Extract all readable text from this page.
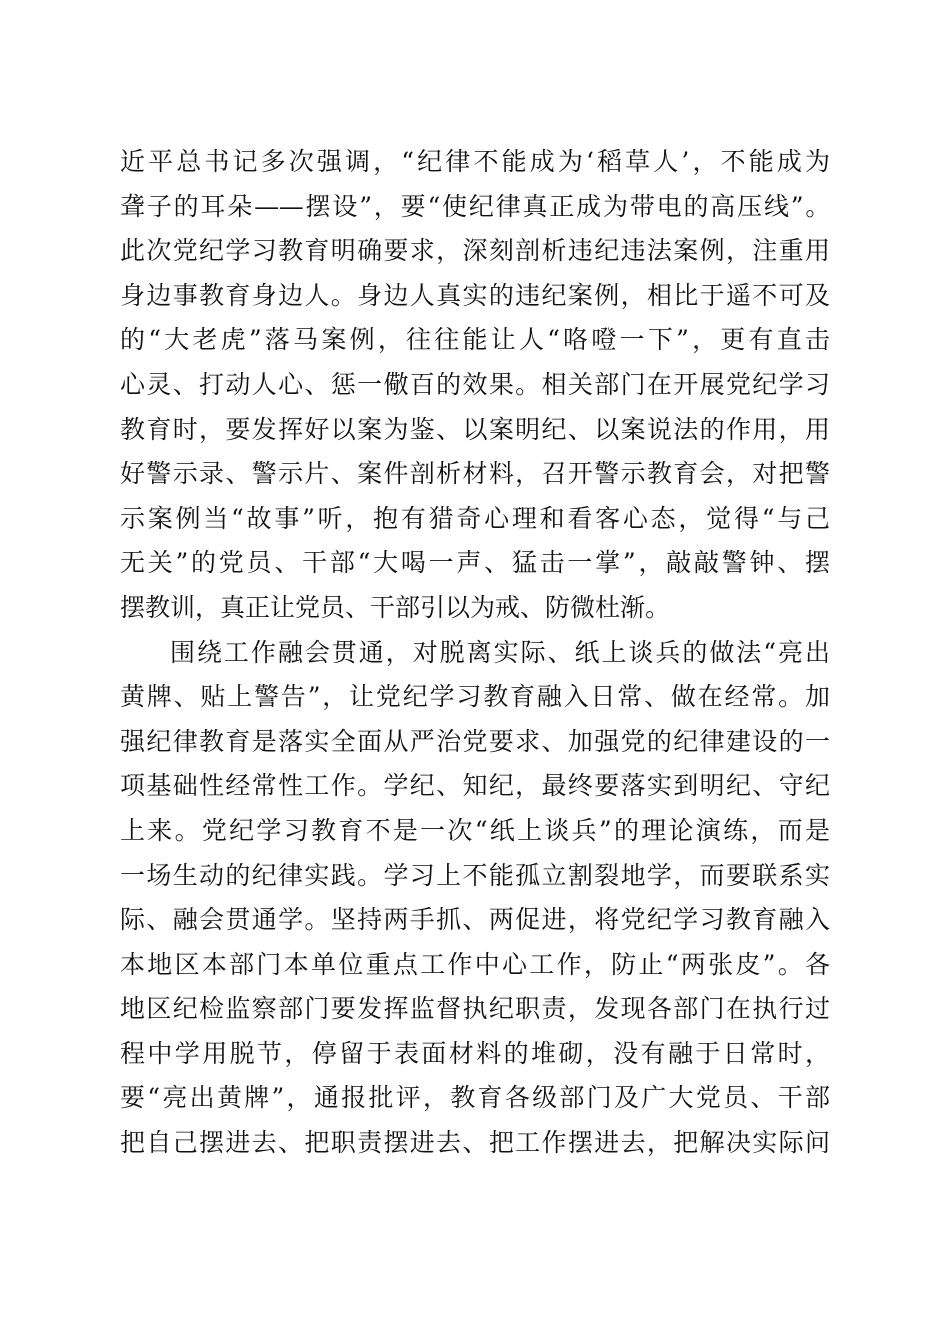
近平总书记多次强调，“纪律不能成为‘稻草人’，不能成为
聋子的耳朵——摆设”，要“使纪律真正成为带电的高压线”。
此次党纪学习教育明确要求，深刻剖析违纪违法案例，注重用
身边事教育身边人。身边人真实的违纪案例，相比于遥不可及
的“大老虎”落马案例，往往能让人“咯噔一下”，更有直击
心灵、打动人心、惩一儆百的效果。相关部门在开展党纪学习
教育时，要发挥好以案为鉴、以案明纪、以案说法的作用，用
好警示录、警示片、案件剖析材料，召开警示教育会，对把警
示案例当“故事”听，抱有猎奇心理和看客心态，觉得“与己
无关”的党员、干部“大喝一声、猛击一掌”，敲敲警钟、摆
摆教训，真正让党员、干部引以为戒、防微杜渐。
围绕工作融会贯通，对脱离实际、纸上谈兵的做法“亮出
黄牌、贴上警告”，让党纪学习教育融入日常、做在经常。加
强纪律教育是落实全面从严治党要求、加强党的纪律建设的一
项基础性经常性工作。学纪、知纪，最终要落实到明纪、守纪
上来。党纪学习教育不是一次“纸上谈兵”的理论演练，而是
一场生动的纪律实践。学习上不能孤立割裂地学，而要联系实
际、融会贯通学。坚持两手抓、两促进，将党纪学习教育融入
本地区本部门本单位重点工作中心工作，防止“两张皮”。各
地区纪检监察部门要发挥监督执纪职责，发现各部门在执行过
程中学用脱节，停留于表面材料的堆砌，没有融于日常时，
要“亮出黄牌”，通报批评，教育各级部门及广大党员、干部
把自己摆进去、把职责摆进去、把工作摆进去，把解决实际问
